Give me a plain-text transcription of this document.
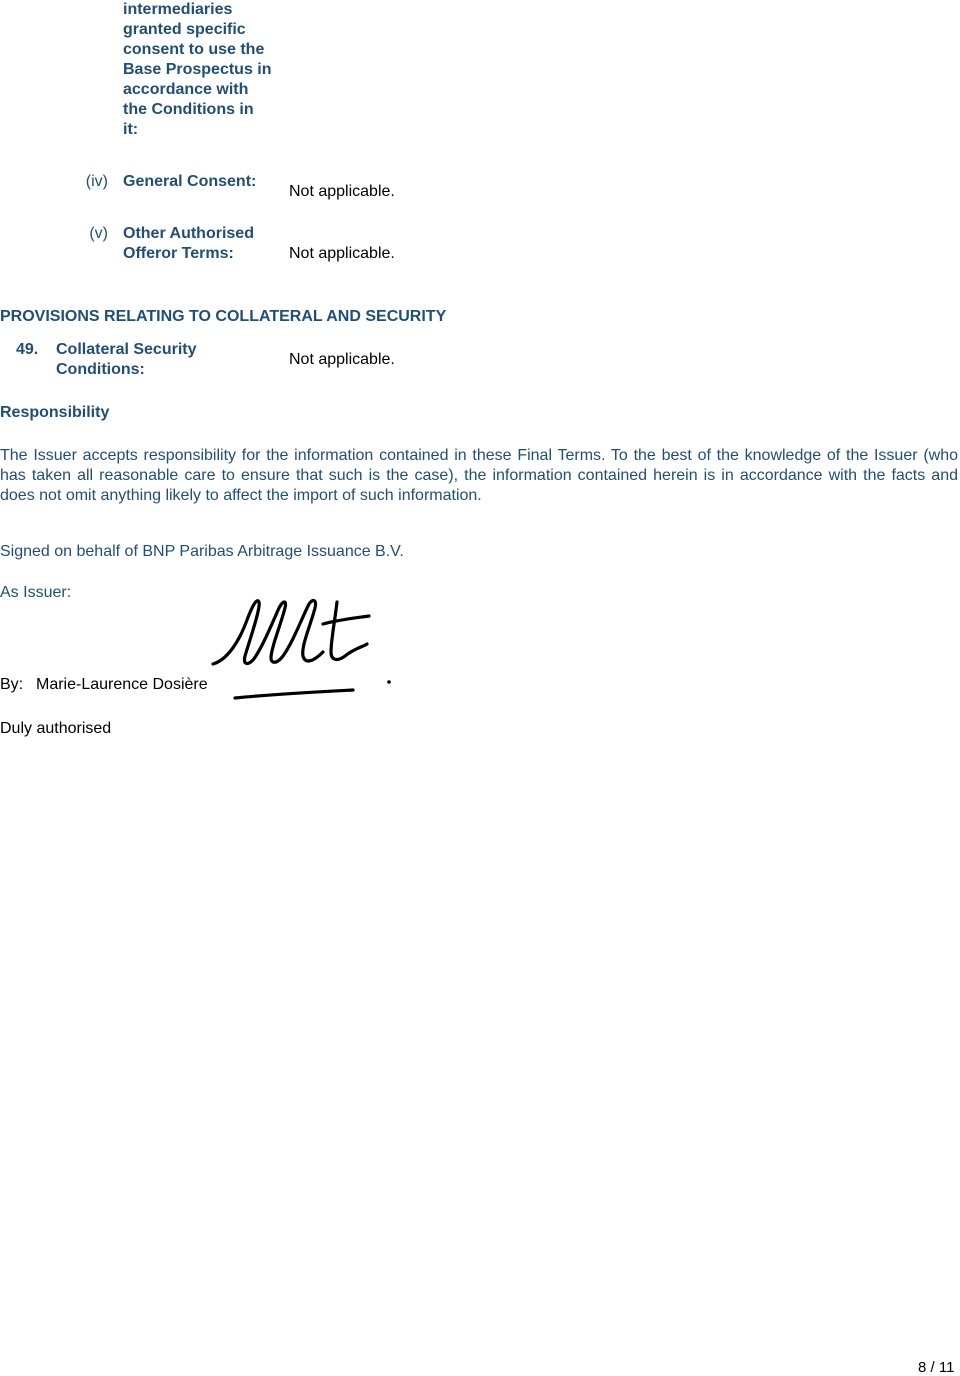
intermediaries granted specific consent to use the Base Prospectus in accordance with the Conditions in it:
(iv) General Consent:
Not applicable.
(v) Other Authorised Offeror Terms:	Not applicable.
PROVISIONS RELATING TO COLLATERAL AND SECURITY
49. Collateral Security Conditions:
Not applicable.
Responsibility
The Issuer accepts responsibility for the information contained in these Final Terms. To the best of the knowledge of the Issuer (who has taken all reasonable care to ensure that such is the case), the information contained herein is in accordance with the facts and does not omit anything likely to affect the import of such information.
Signed on behalf of BNP Paribas Arbitrage Issuance B.V.
As Issuer:
By: Marie-Laurence Dosière
Duly authorised
8 / 11
